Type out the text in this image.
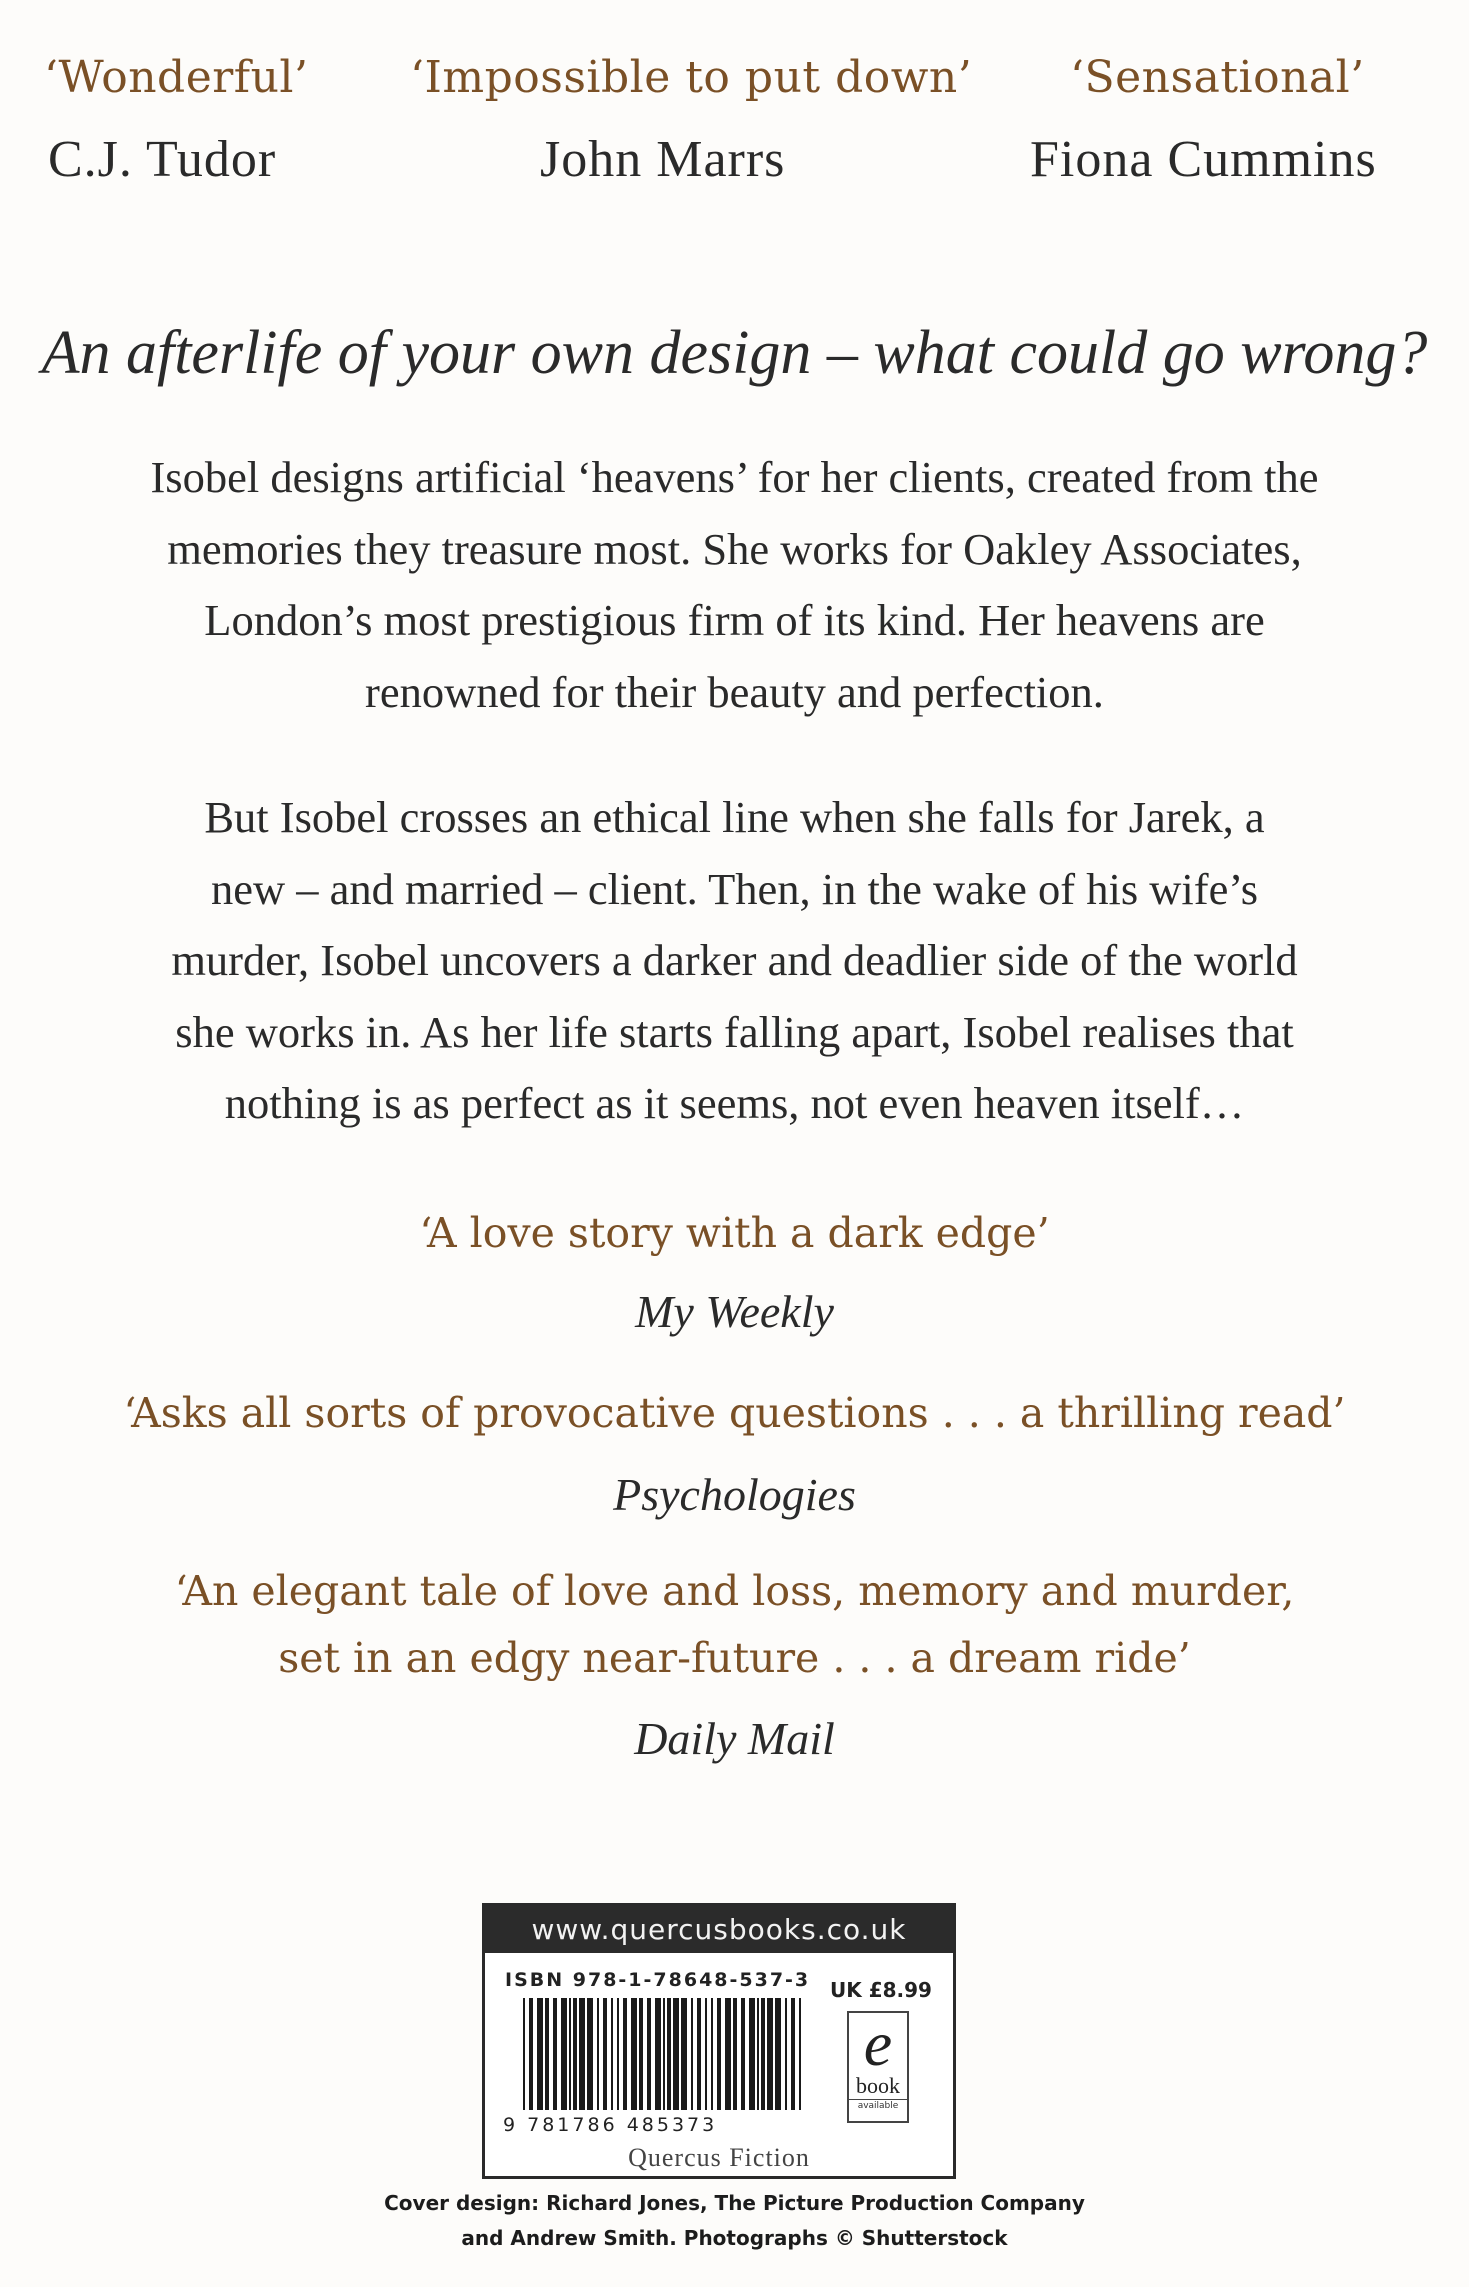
‘Wonderful’
C.J. Tudor
‘Impossible to put down’
John Marrs
‘Sensational’
Fiona Cummins
An afterlife of your own design – what could go wrong?
Isobel designs artificial ‘heavens’ for her clients, created from the
memories they treasure most. She works for Oakley Associates,
London’s most prestigious firm of its kind. Her heavens are
renowned for their beauty and perfection.
But Isobel crosses an ethical line when she falls for Jarek, a
new – and married – client. Then, in the wake of his wife’s
murder, Isobel uncovers a darker and deadlier side of the world
she works in. As her life starts falling apart, Isobel realises that
nothing is as perfect as it seems, not even heaven itself…
‘A love story with a dark edge’
My Weekly
‘Asks all sorts of provocative questions . . . a thrilling read’
Psychologies
‘An elegant tale of love and loss, memory and murder,
set in an edgy near-future . . . a dream ride’
Daily Mail
www.quercusbooks.co.uk
ISBN 978-1-78648-537-3 UK £8.99
9 781786 485373
e
book
available
Quercus Fiction
Cover design: Richard Jones, The Picture Production Company
and Andrew Smith. Photographs © Shutterstock
